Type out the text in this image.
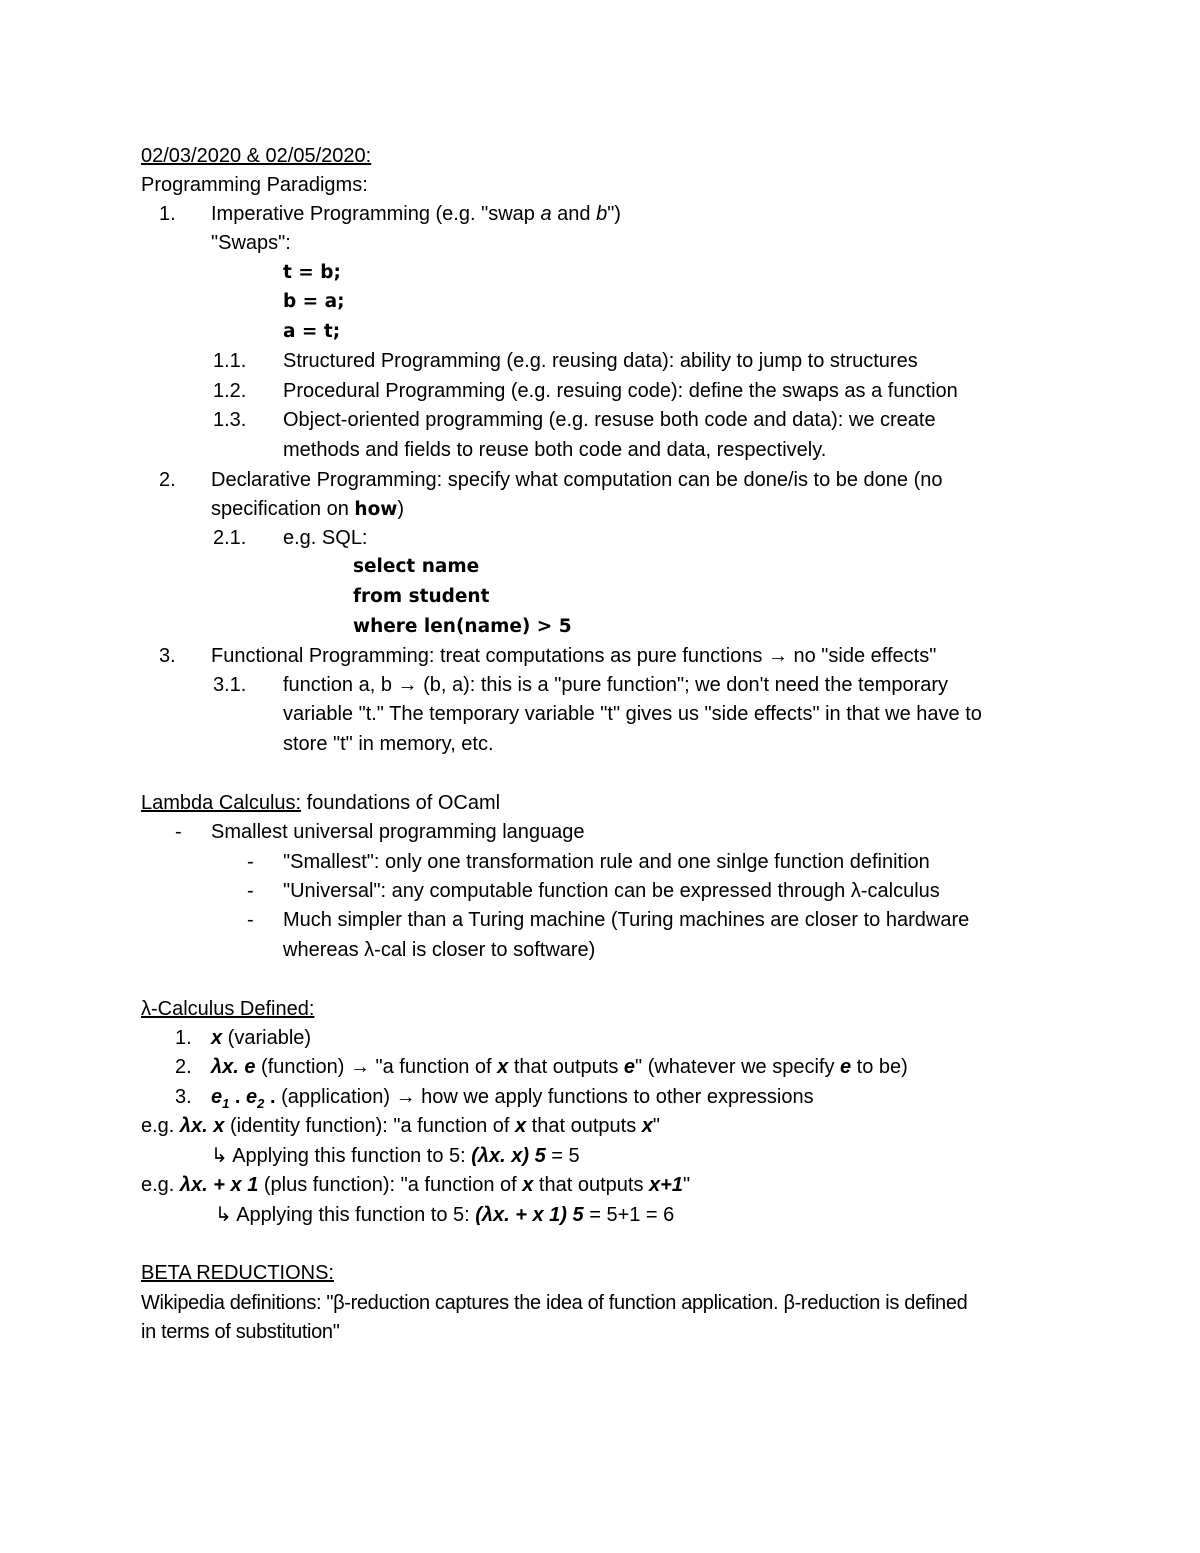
02/03/2020 & 02/05/2020:
Programming Paradigms:
1. Imperative Programming (e.g. "swap a and b")
"Swaps":
t = b;
b = a;
a = t;
1.1. Structured Programming (e.g. reusing data): ability to jump to structures
1.2. Procedural Programming (e.g. resuing code): define the swaps as a function
1.3. Object-oriented programming (e.g. resuse both code and data): we create
methods and fields to reuse both code and data, respectively.
2. Declarative Programming: specify what computation can be done/is to be done (no
specification on how)
2.1. e.g. SQL:
select name
from student
where len(name) > 5
3. Functional Programming: treat computations as pure functions → no "side effects"
3.1. function a, b → (b, a): this is a "pure function"; we don't need the temporary
variable "t." The temporary variable "t" gives us "side effects" in that we have to
store "t" in memory, etc.
Lambda Calculus: foundations of OCaml
- Smallest universal programming language
- "Smallest": only one transformation rule and one sinlge function definition
- "Universal": any computable function can be expressed through λ-calculus
- Much simpler than a Turing machine (Turing machines are closer to hardware
whereas λ-cal is closer to software)
λ-Calculus Defined:
1. x (variable)
2. λx. e (function) → "a function of x that outputs e" (whatever we specify e to be)
3. $e_1$ . $e_2$ . (application) → how we apply functions to other expressions
e.g. λx. x (identity function): "a function of x that outputs x"
↳ Applying this function to 5: (λx. x) 5 = 5
e.g. λx. + x 1 (plus function): "a function of x that outputs x+1"
↳ Applying this function to 5: (λx. + x 1) 5 = 5+1 = 6
BETA REDUCTIONS:
Wikipedia definitions: "β-reduction captures the idea of function application. β-reduction is defined
in terms of substitution"
